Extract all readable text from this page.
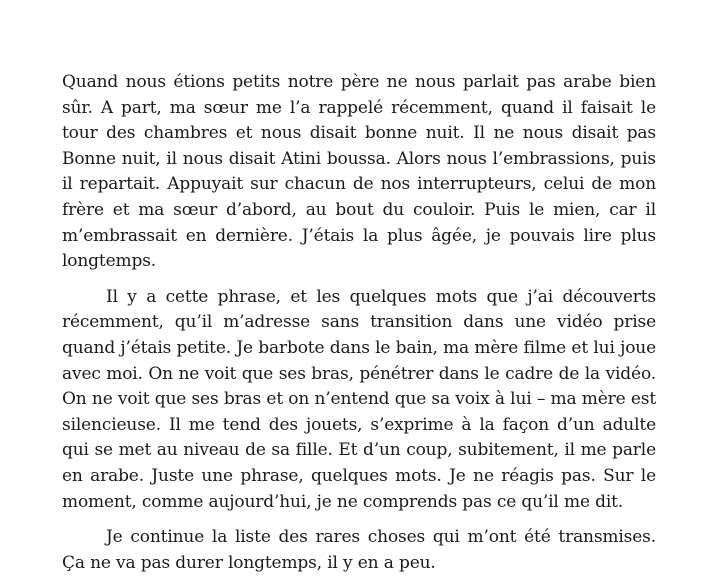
Quand nous étions petits notre père ne nous parlait pas arabe bien sûr. A part, ma sœur me l’a rappelé récemment, quand il faisait le tour des chambres et nous disait bonne nuit. Il ne nous disait pas Bonne nuit, il nous disait Atini boussa. Alors nous l’embrassions, puis il repartait. Appuyait sur chacun de nos interrupteurs, celui de mon frère et ma sœur d’abord, au bout du couloir. Puis le mien, car il m’embrassait en dernière. J’étais la plus âgée, je pouvais lire plus longtemps.

Il y a cette phrase, et les quelques mots que j’ai découverts récemment, qu’il m’adresse sans transition dans une vidéo prise quand j’étais petite. Je barbote dans le bain, ma mère filme et lui joue avec moi. On ne voit que ses bras, pénétrer dans le cadre de la vidéo. On ne voit que ses bras et on n’entend que sa voix à lui – ma mère est silencieuse. Il me tend des jouets, s’exprime à la façon d’un adulte qui se met au niveau de sa fille. Et d’un coup, subitement, il me parle en arabe. Juste une phrase, quelques mots. Je ne réagis pas. Sur le moment, comme aujourd’hui, je ne comprends pas ce qu’il me dit.

Je continue la liste des rares choses qui m’ont été transmises. Ça ne va pas durer longtemps, il y en a peu.
